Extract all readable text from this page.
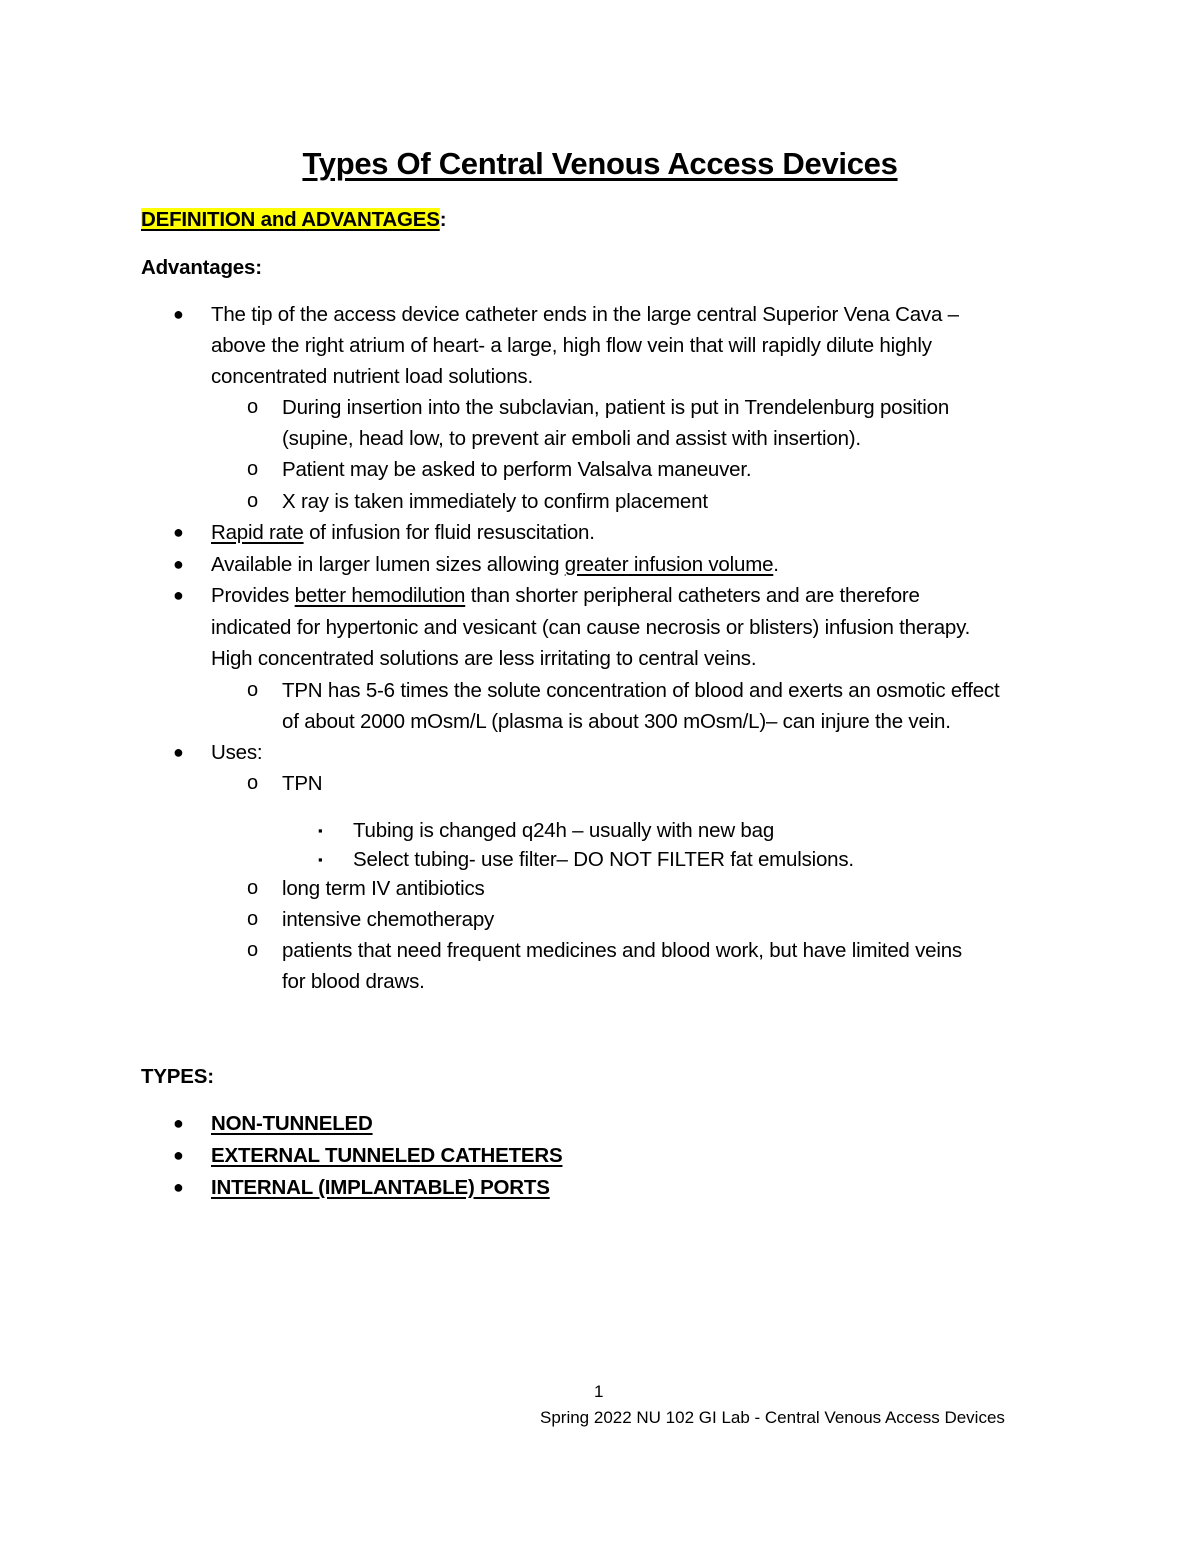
Types Of Central Venous Access Devices
DEFINITION and ADVANTAGES:
Advantages:
● The tip of the access device catheter ends in the large central Superior Vena Cava –
above the right atrium of heart- a large, high flow vein that will rapidly dilute highly
concentrated nutrient load solutions.
o During insertion into the subclavian, patient is put in Trendelenburg position
(supine, head low, to prevent air emboli and assist with insertion).
o Patient may be asked to perform Valsalva maneuver.
o X ray is taken immediately to confirm placement
● Rapid rate of infusion for fluid resuscitation.
● Available in larger lumen sizes allowing greater infusion volume.
● Provides better hemodilution than shorter peripheral catheters and are therefore
indicated for hypertonic and vesicant (can cause necrosis or blisters) infusion therapy.
High concentrated solutions are less irritating to central veins.
o TPN has 5-6 times the solute concentration of blood and exerts an osmotic effect
of about 2000 mOsm/L (plasma is about 300 mOsm/L)– can injure the vein.
● Uses:
o TPN
▪ Tubing is changed q24h – usually with new bag
▪ Select tubing- use filter– DO NOT FILTER fat emulsions.
o long term IV antibiotics
o intensive chemotherapy
o patients that need frequent medicines and blood work, but have limited veins
for blood draws.
TYPES:
● NON-TUNNELED
● EXTERNAL TUNNELED CATHETERS
● INTERNAL (IMPLANTABLE) PORTS
1
Spring 2022 NU 102 GI Lab - Central Venous Access Devices
